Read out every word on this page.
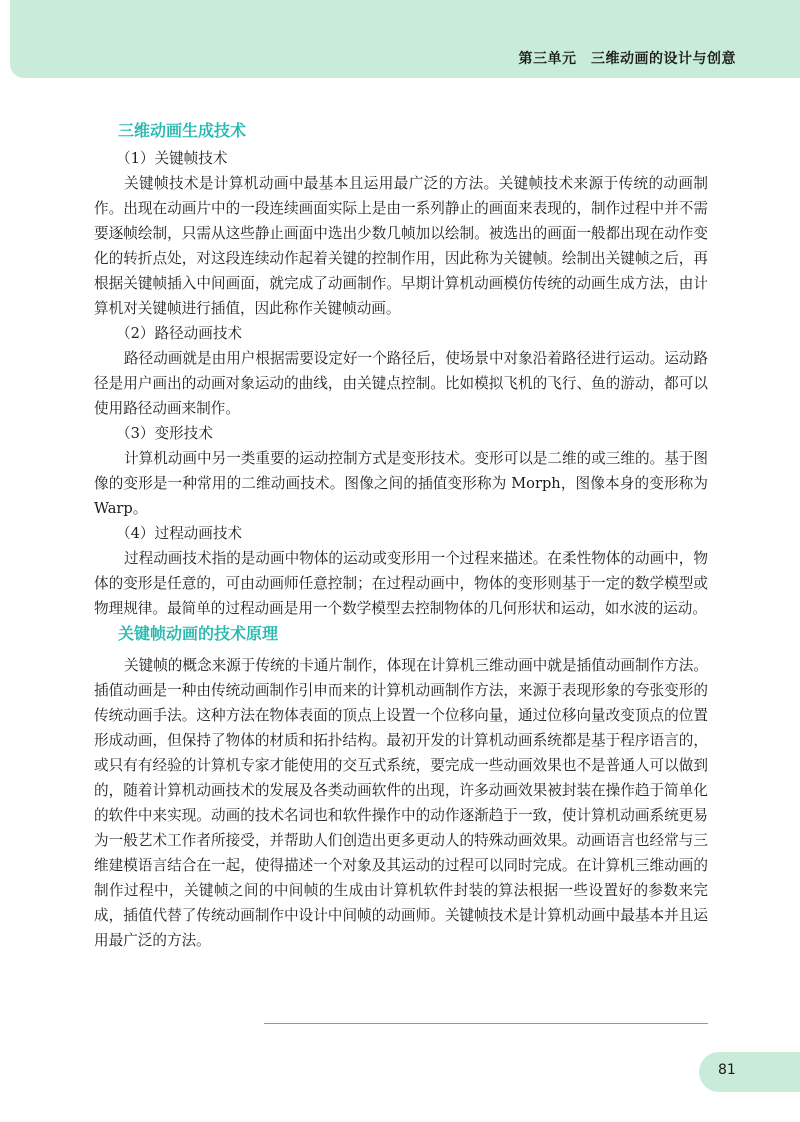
第三单元　三维动画的设计与创意
三维动画生成技术

（1）关键帧技术

关键帧技术是计算机动画中最基本且运用最广泛的方法。关键帧技术来源于传统的动画制作。出现在动画片中的一段连续画面实际上是由一系列静止的画面来表现的，制作过程中并不需要逐帧绘制，只需从这些静止画面中选出少数几帧加以绘制。被选出的画面一般都出现在动作变化的转折点处，对这段连续动作起着关键的控制作用，因此称为关键帧。绘制出关键帧之后，再根据关键帧插入中间画面，就完成了动画制作。早期计算机动画模仿传统的动画生成方法，由计算机对关键帧进行插值，因此称作关键帧动画。

（2）路径动画技术

路径动画就是由用户根据需要设定好一个路径后，使场景中对象沿着路径进行运动。运动路径是用户画出的动画对象运动的曲线，由关键点控制。比如模拟飞机的飞行、鱼的游动，都可以使用路径动画来制作。

（3）变形技术

计算机动画中另一类重要的运动控制方式是变形技术。变形可以是二维的或三维的。基于图像的变形是一种常用的二维动画技术。图像之间的插值变形称为 Morph，图像本身的变形称为 Warp。

（4）过程动画技术

过程动画技术指的是动画中物体的运动或变形用一个过程来描述。在柔性物体的动画中，物体的变形是任意的，可由动画师任意控制；在过程动画中，物体的变形则基于一定的数学模型或物理规律。最简单的过程动画是用一个数学模型去控制物体的几何形状和运动，如水波的运动。

关键帧动画的技术原理

关键帧的概念来源于传统的卡通片制作，体现在计算机三维动画中就是插值动画制作方法。插值动画是一种由传统动画制作引申而来的计算机动画制作方法，来源于表现形象的夸张变形的传统动画手法。这种方法在物体表面的顶点上设置一个位移向量，通过位移向量改变顶点的位置形成动画，但保持了物体的材质和拓扑结构。最初开发的计算机动画系统都是基于程序语言的，或只有有经验的计算机专家才能使用的交互式系统，要完成一些动画效果也不是普通人可以做到的，随着计算机动画技术的发展及各类动画软件的出现，许多动画效果被封装在操作趋于简单化的软件中来实现。动画的技术名词也和软件操作中的动作逐渐趋于一致，使计算机动画系统更易为一般艺术工作者所接受，并帮助人们创造出更多更动人的特殊动画效果。动画语言也经常与三维建模语言结合在一起，使得描述一个对象及其运动的过程可以同时完成。在计算机三维动画的制作过程中，关键帧之间的中间帧的生成由计算机软件封装的算法根据一些设置好的参数来完成，插值代替了传统动画制作中设计中间帧的动画师。关键帧技术是计算机动画中最基本并且运用最广泛的方法。

81
